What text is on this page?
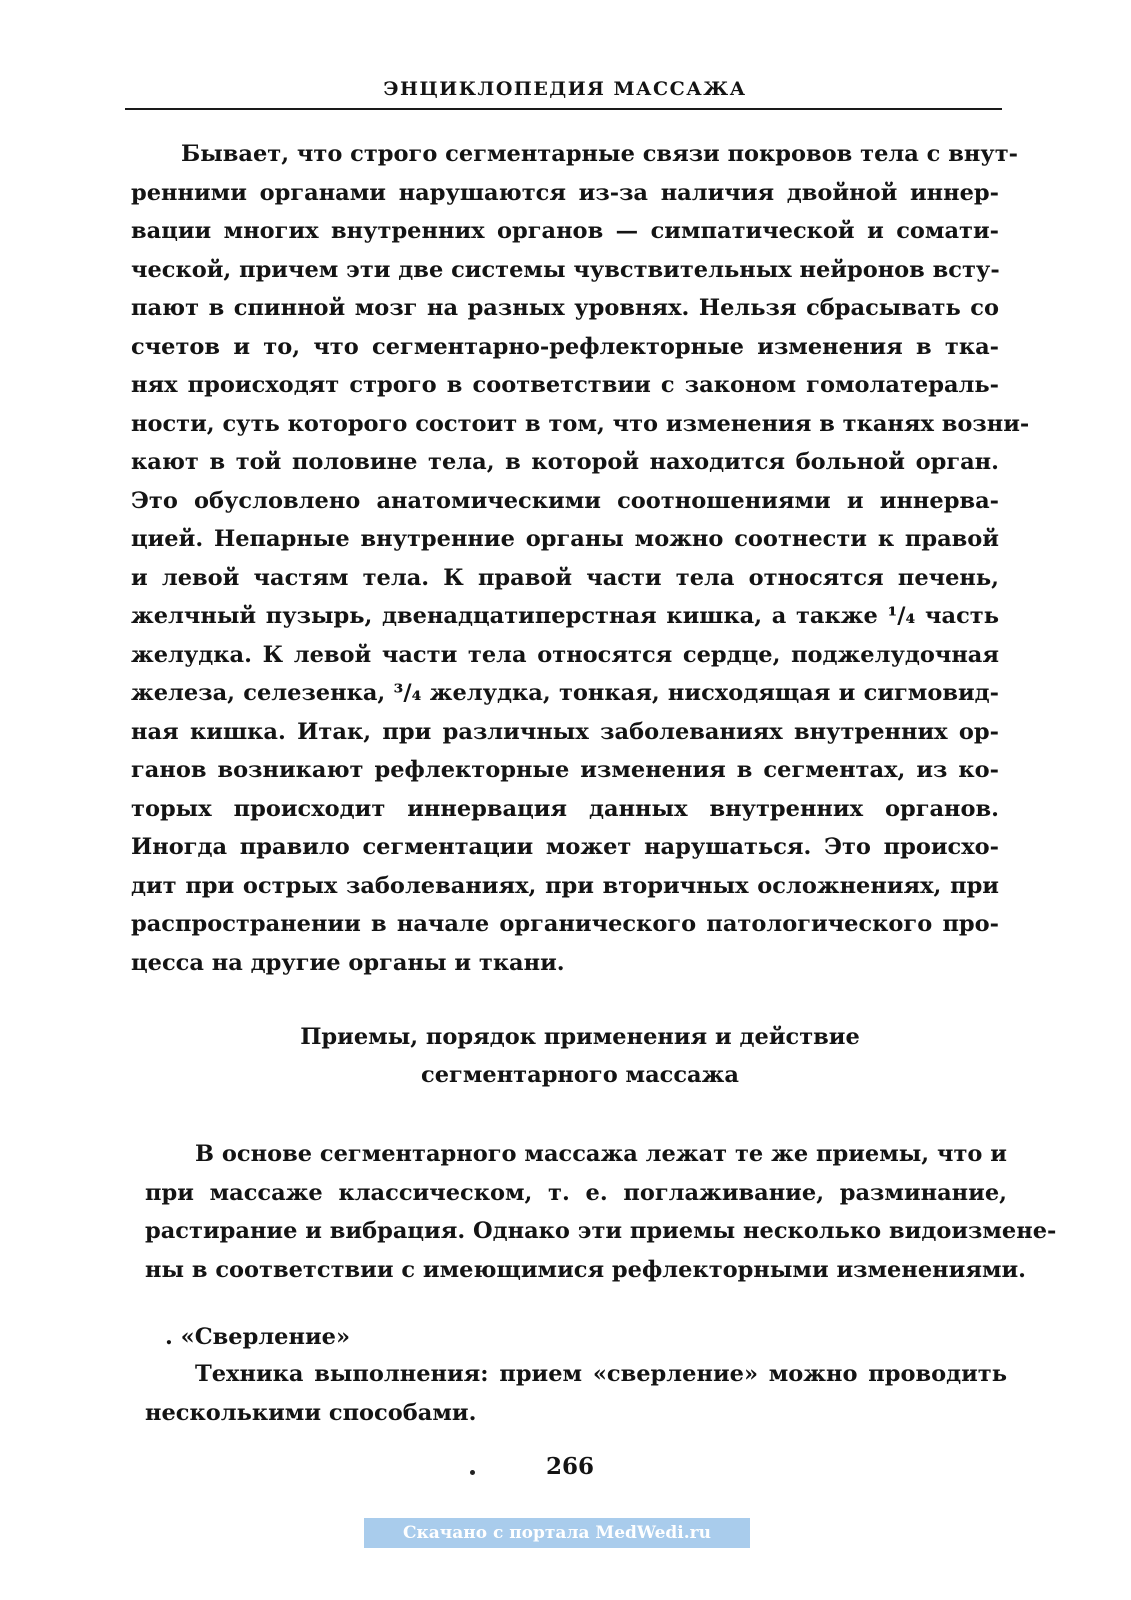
ЭНЦИКЛОПЕДИЯ МАССАЖА
Бывает, что строго сегментарные связи покровов тела с внут-
ренними органами нарушаются из-за наличия двойной иннер-
вации многих внутренних органов — симпатической и сомати-
ческой, причем эти две системы чувствительных нейронов всту-
пают в спинной мозг на разных уровнях. Нельзя сбрасывать со
счетов и то, что сегментарно-рефлекторные изменения в тка-
нях происходят строго в соответствии с законом гомолатераль-
ности, суть которого состоит в том, что изменения в тканях возни-
кают в той половине тела, в которой находится больной орган.
Это обусловлено анатомическими соотношениями и иннерва-
цией. Непарные внутренние органы можно соотнести к правой
и левой частям тела. К правой части тела относятся печень,
желчный пузырь, двенадцатиперстная кишка, а также ¹/₄ часть
желудка. К левой части тела относятся сердце, поджелудочная
железа, селезенка, ³/₄ желудка, тонкая, нисходящая и сигмовид-
ная кишка. Итак, при различных заболеваниях внутренних ор-
ганов возникают рефлекторные изменения в сегментах, из ко-
торых происходит иннервация данных внутренних органов.
Иногда правило сегментации может нарушаться. Это происхо-
дит при острых заболеваниях, при вторичных осложнениях, при
распространении в начале органического патологического про-
цесса на другие органы и ткани.
Приемы, порядок применения и действие
сегментарного массажа
В основе сегментарного массажа лежат те же приемы, что и
при массаже классическом, т. е. поглаживание, разминание,
растирание и вибрация. Однако эти приемы несколько видоизмене-
ны в соответствии с имеющимися рефлекторными изменениями.
. «Сверление»
Техника выполнения: прием «сверление» можно проводить
несколькими способами.
266
Скачано с портала MedWedi.ru
